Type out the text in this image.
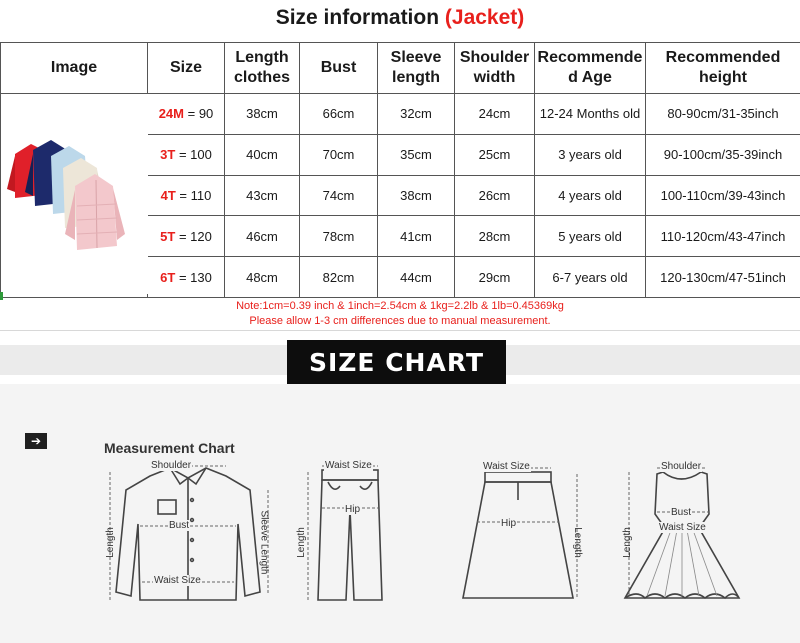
Size information (Jacket)
Image	Size	Length clothes	Bust	Sleeve length	Shoulder width	Recommende d Age	Recommended height
	24M = 90	38cm	66cm	32cm	24cm	12-24 Months old	80-90cm/31-35inch
	3T = 100	40cm	70cm	35cm	25cm	3 years old	90-100cm/35-39inch
	4T = 110	43cm	74cm	38cm	26cm	4 years old	100-110cm/39-43inch
	5T = 120	46cm	78cm	41cm	28cm	5 years old	110-120cm/43-47inch
	6T = 130	48cm	82cm	44cm	29cm	6-7 years old	120-130cm/47-51inch
Note:1cm=0.39 inch & 1inch=2.54cm & 1kg=2.2lb & 1lb=0.45369kg
Please allow 1-3 cm differences due to manual measurement.
SIZE CHART
➔	Measurement Chart
Shoulder
Bust
Waist Size
Length	Sleeve Length
Waist Size
Hip
Length
Waist Size
Hip
Length
Shoulder
Bust
Waist Size
Length
